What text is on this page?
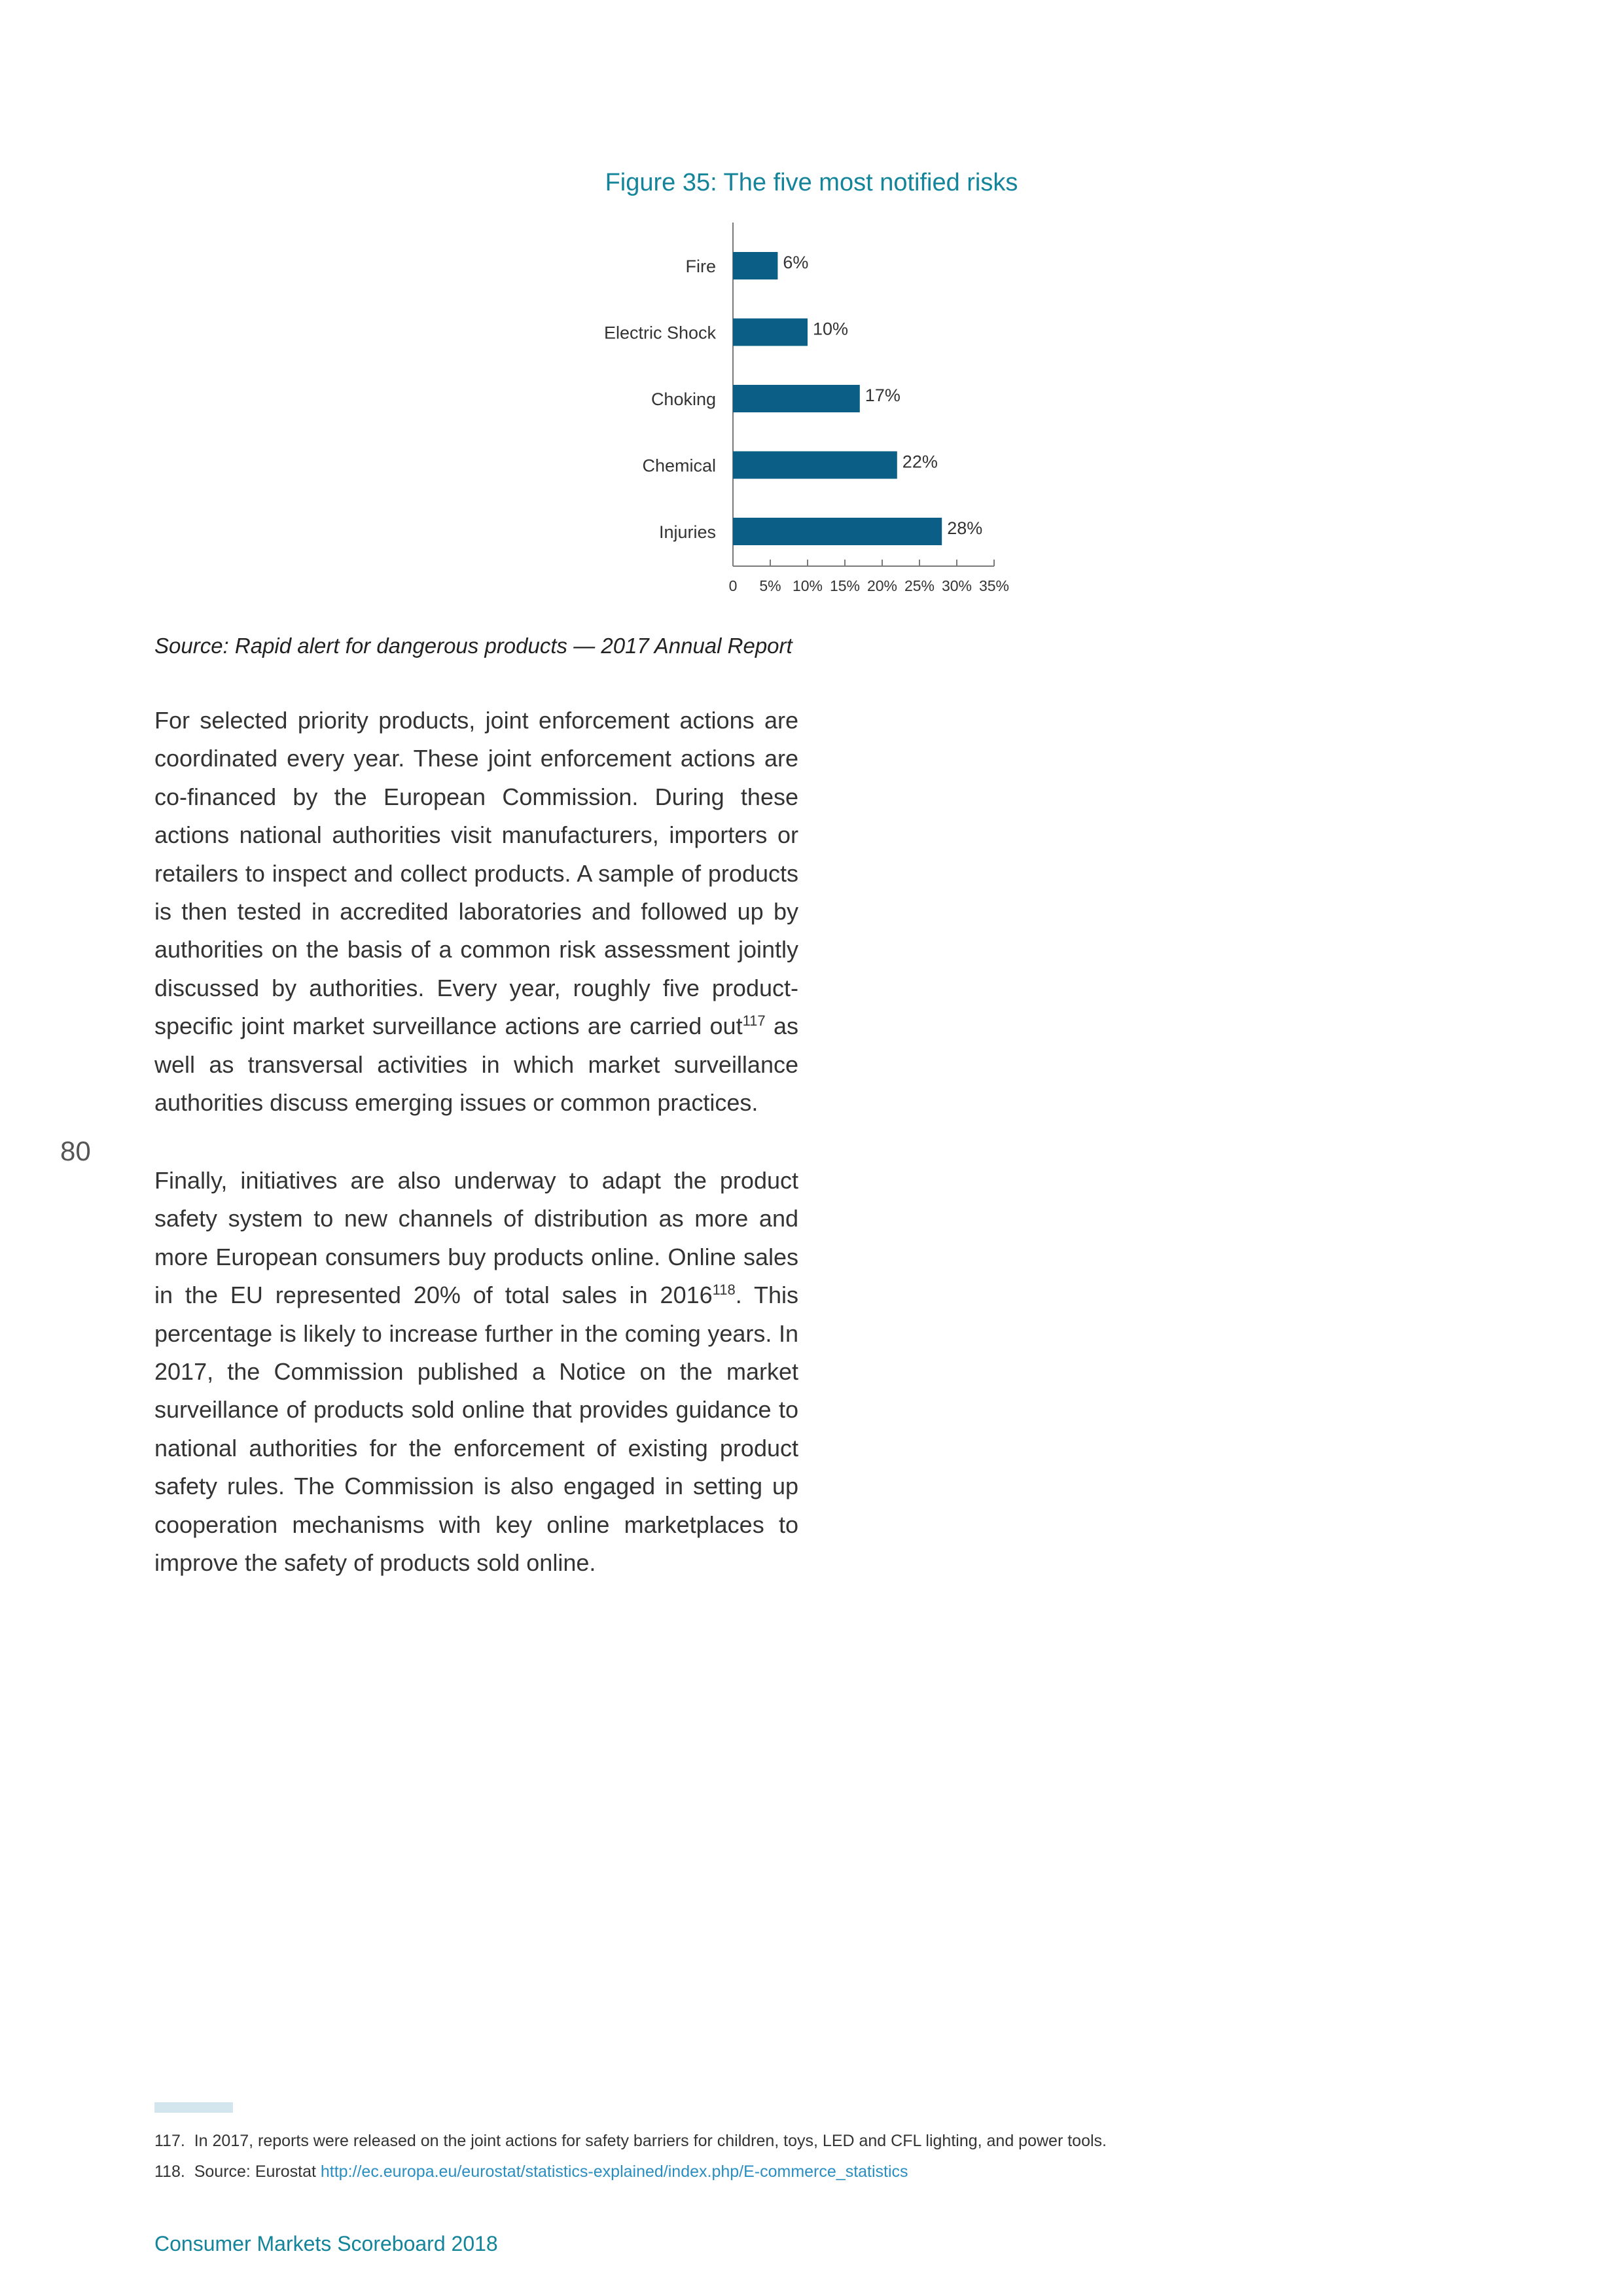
Figure 35: The five most notified risks
Fire	6%
Electric Shock	10%
Choking	17%
Chemical	22%
Injuries	28%
0 5% 10% 15% 20% 25% 30% 35%
Source: Rapid alert for dangerous products — 2017 Annual Report
For selected priority products, joint enforcement actions are coordinated every year. These joint enforcement actions are co-financed by the European Commission. During these actions national authorities visit manufacturers, importers or retailers to inspect and collect products. A sample of products is then tested in accredited laboratories and followed up by authorities on the basis of a common risk assessment jointly discussed by authorities. Every year, roughly five product-specific joint market surveillance actions are carried out$^{117}$ as well as transversal activities in which market surveillance authorities discuss emerging issues or common practices.
80
Finally, initiatives are also underway to adapt the product safety system to new channels of distribution as more and more European consumers buy products online. Online sales in the EU represented 20% of total sales in 2016$^{118}$. This percentage is likely to increase further in the coming years. In 2017, the Commission published a Notice on the market surveillance of products sold online that provides guidance to national authorities for the enforcement of existing product safety rules. The Commission is also engaged in setting up cooperation mechanisms with key online marketplaces to improve the safety of products sold online.
117. In 2017, reports were released on the joint actions for safety barriers for children, toys, LED and CFL lighting, and power tools.
118. Source: Eurostat http://ec.europa.eu/eurostat/statistics-explained/index.php/E-commerce_statistics
Consumer Markets Scoreboard 2018
